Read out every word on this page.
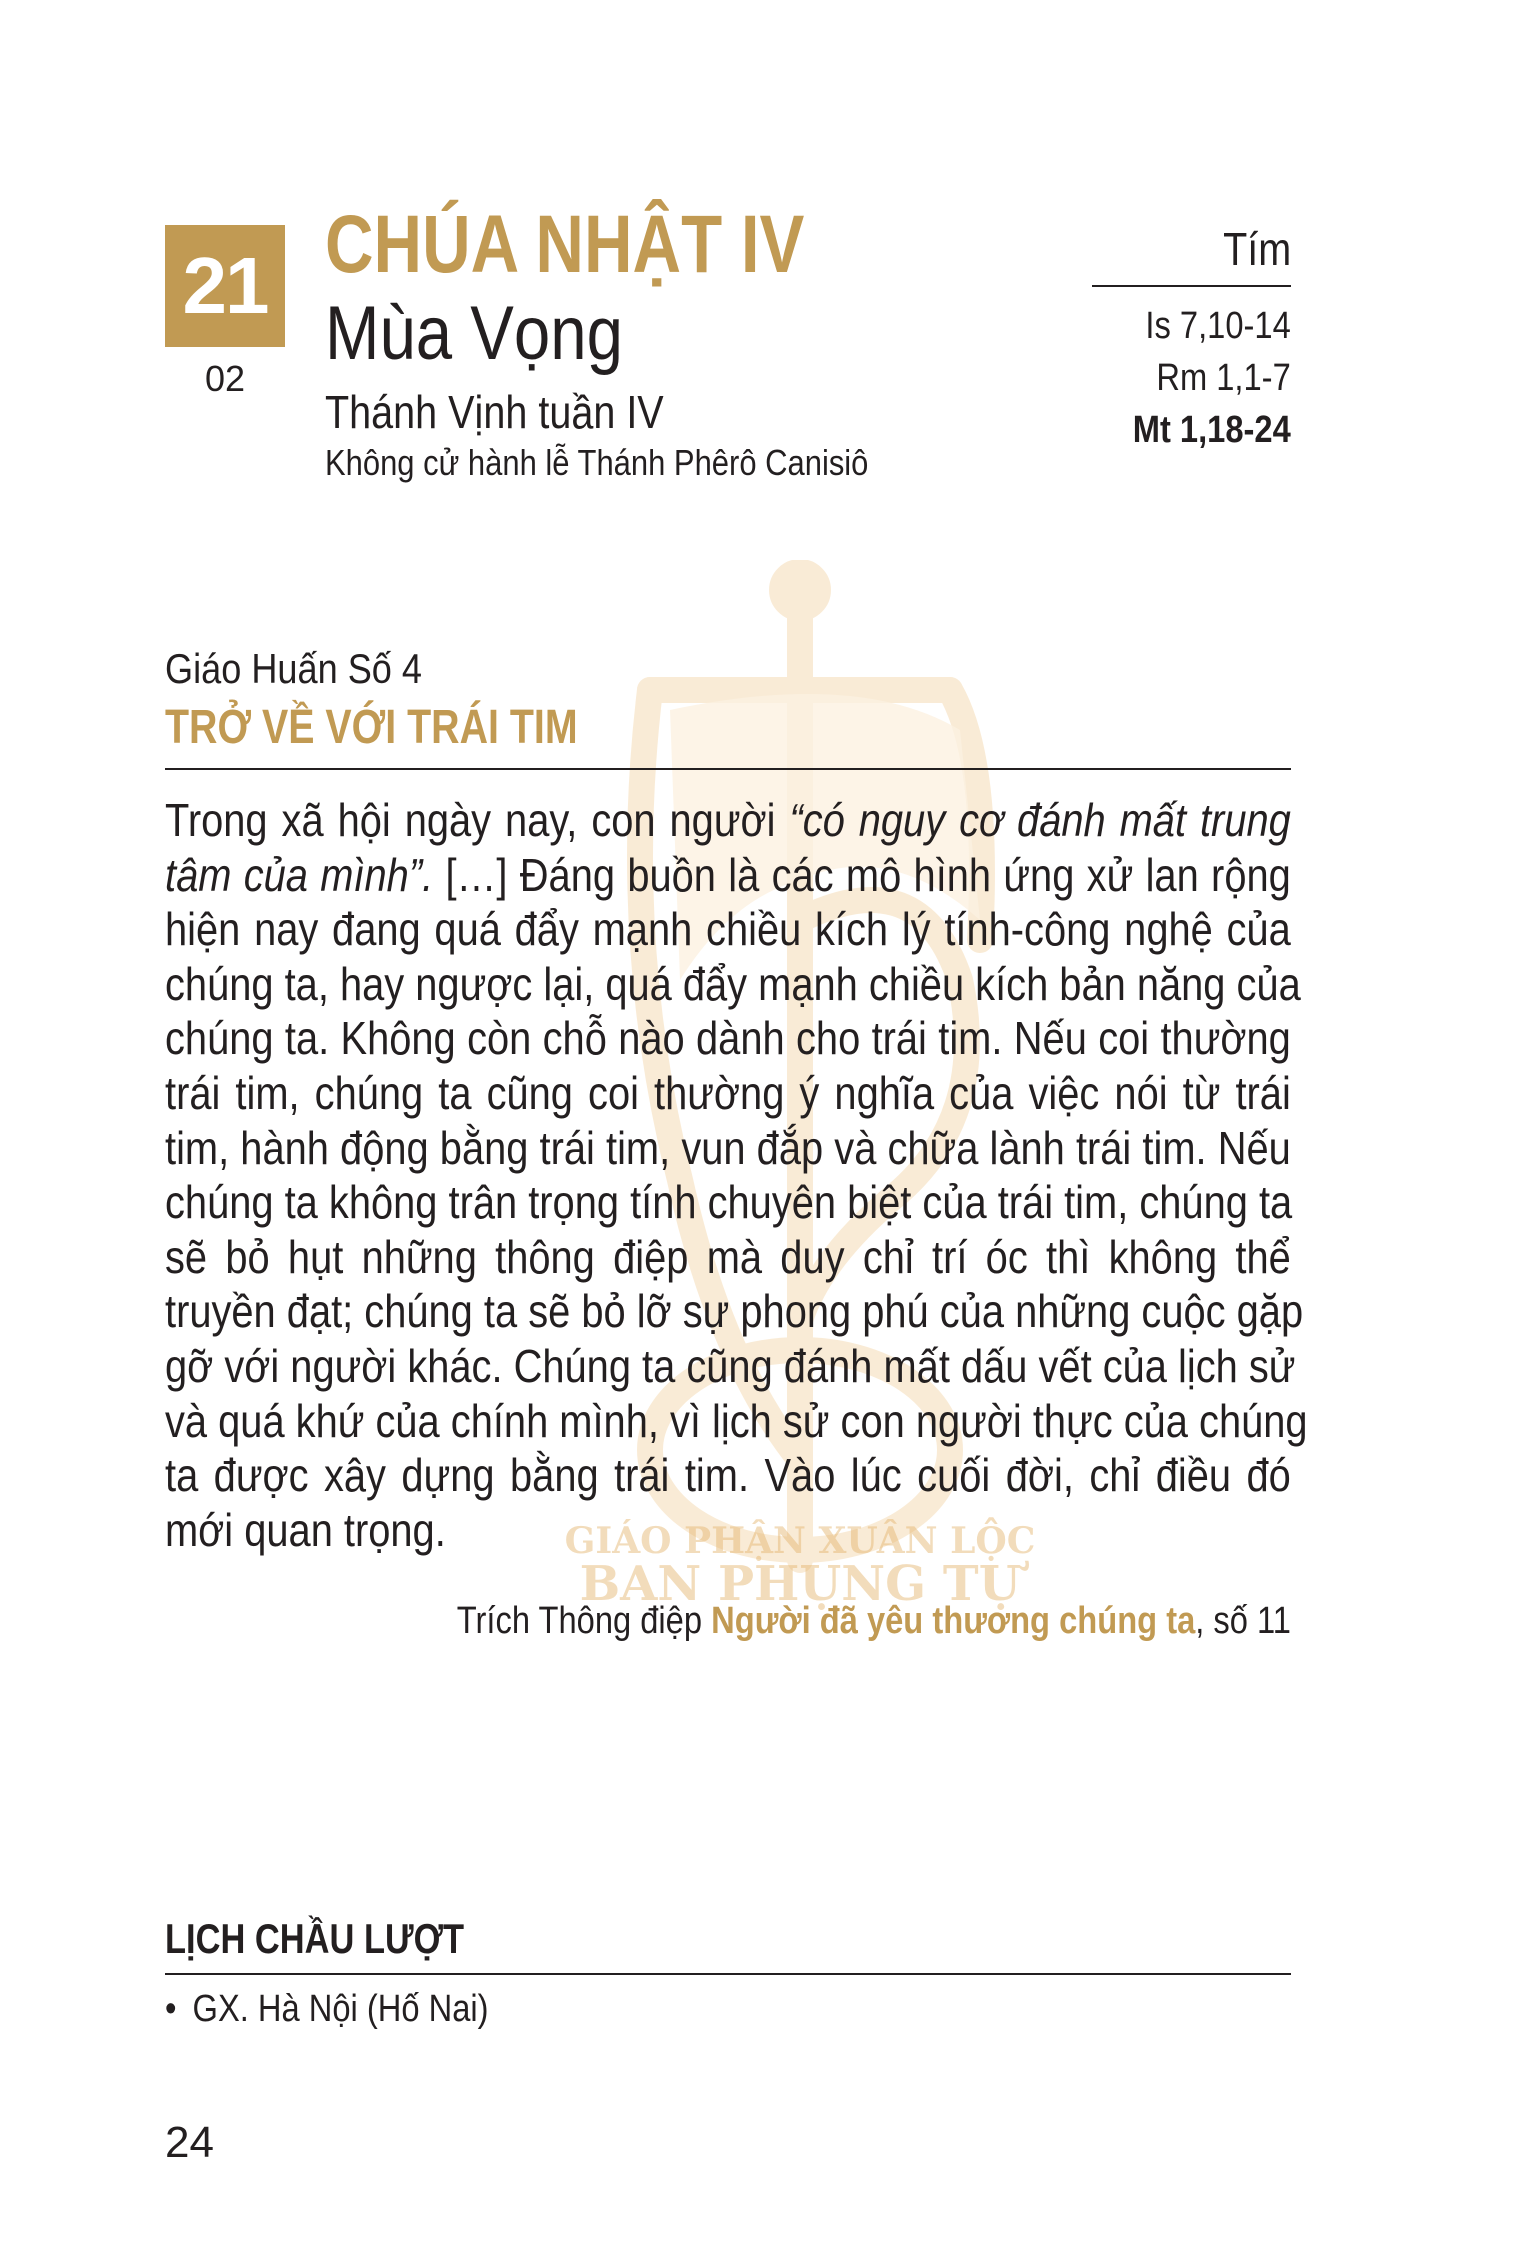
21
02
CHÚA NHẬT IV
Mùa Vọng
Thánh Vịnh tuần IV
Không cử hành lễ Thánh Phêrô Canisiô
Tím
Is 7,10-14
Rm 1,1-7
Mt 1,18-24
GIÁO PHẬN XUÂN LỘC
BAN PHỤNG TỰ
Giáo Huấn Số 4
TRỞ VỀ VỚI TRÁI TIM
Trong xã hội ngày nay, con người “có nguy cơ đánh mất trung
tâm của mình”. […] Đáng buồn là các mô hình ứng xử lan rộng
hiện nay đang quá đẩy mạnh chiều kích lý tính-công nghệ của
chúng ta, hay ngược lại, quá đẩy mạnh chiều kích bản năng của
chúng ta. Không còn chỗ nào dành cho trái tim. Nếu coi thường
trái tim, chúng ta cũng coi thường ý nghĩa của việc nói từ trái
tim, hành động bằng trái tim, vun đắp và chữa lành trái tim. Nếu
chúng ta không trân trọng tính chuyên biệt của trái tim, chúng ta
sẽ bỏ hụt những thông điệp mà duy chỉ trí óc thì không thể
truyền đạt; chúng ta sẽ bỏ lỡ sự phong phú của những cuộc gặp
gỡ với người khác. Chúng ta cũng đánh mất dấu vết của lịch sử
và quá khứ của chính mình, vì lịch sử con người thực của chúng
ta được xây dựng bằng trái tim. Vào lúc cuối đời, chỉ điều đó
mới quan trọng.
Trích Thông điệp Người đã yêu thương chúng ta, số 11
LỊCH CHẦU LƯỢT
• GX. Hà Nội (Hố Nai)
24
